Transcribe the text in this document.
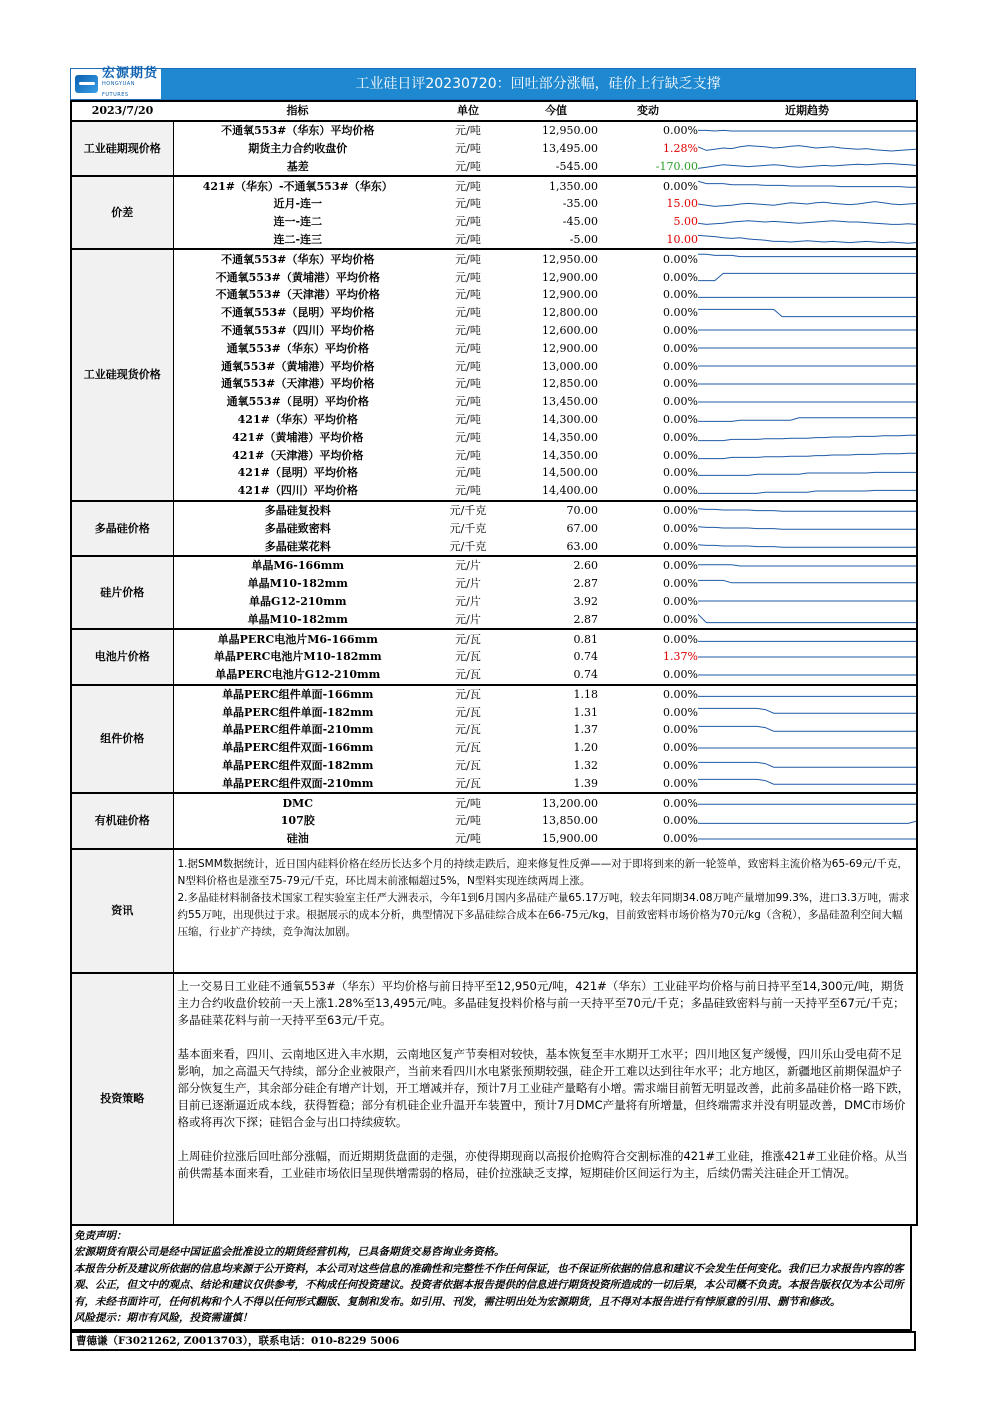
宏源期货
HONGYUAN FUTURES
工业硅日评20230720：回吐部分涨幅，硅价上行缺乏支撑
2023/7/20	指标	单位	今值	变动	近期趋势
工业硅期现价格	不通氧553#（华东）平均价格	元/吨	12,950.00	0.00%	

	期货主力合约收盘价	元/吨	13,495.00	1.28%	

	基差	元/吨	-545.00	-170.00	

价差	421#（华东）-不通氧553#（华东）	元/吨	1,350.00	0.00%	

	近月-连一	元/吨	-35.00	15.00	

	连一-连二	元/吨	-45.00	5.00	

	连二-连三	元/吨	-5.00	10.00	

工业硅现货价格	不通氧553#（华东）平均价格	元/吨	12,950.00	0.00%	

	不通氧553#（黄埔港）平均价格	元/吨	12,900.00	0.00%	

	不通氧553#（天津港）平均价格	元/吨	12,900.00	0.00%	

	不通氧553#（昆明）平均价格	元/吨	12,800.00	0.00%	

	不通氧553#（四川）平均价格	元/吨	12,600.00	0.00%	

	通氧553#（华东）平均价格	元/吨	12,900.00	0.00%	

	通氧553#（黄埔港）平均价格	元/吨	13,000.00	0.00%	

	通氧553#（天津港）平均价格	元/吨	12,850.00	0.00%	

	通氧553#（昆明）平均价格	元/吨	13,450.00	0.00%	

	421#（华东）平均价格	元/吨	14,300.00	0.00%	

	421#（黄埔港）平均价格	元/吨	14,350.00	0.00%	

	421#（天津港）平均价格	元/吨	14,350.00	0.00%	

	421#（昆明）平均价格	元/吨	14,500.00	0.00%	

	421#（四川）平均价格	元/吨	14,400.00	0.00%	

多晶硅价格	多晶硅复投料	元/千克	70.00	0.00%	

	多晶硅致密料	元/千克	67.00	0.00%	

	多晶硅菜花料	元/千克	63.00	0.00%	

硅片价格	单晶M6-166mm	元/片	2.60	0.00%	

	单晶M10-182mm	元/片	2.87	0.00%	

	单晶G12-210mm	元/片	3.92	0.00%	

	单晶M10-182mm	元/片	2.87	0.00%	

电池片价格	单晶PERC电池片M6-166mm	元/瓦	0.81	0.00%	

	单晶PERC电池片M10-182mm	元/瓦	0.74	1.37%	

	单晶PERC电池片G12-210mm	元/瓦	0.74	0.00%	

组件价格	单晶PERC组件单面-166mm	元/瓦	1.18	0.00%	

	单晶PERC组件单面-182mm	元/瓦	1.31	0.00%	

	单晶PERC组件单面-210mm	元/瓦	1.37	0.00%	

	单晶PERC组件双面-166mm	元/瓦	1.20	0.00%	

	单晶PERC组件双面-182mm	元/瓦	1.32	0.00%	

	单晶PERC组件双面-210mm	元/瓦	1.39	0.00%	

有机硅价格	DMC	元/吨	13,200.00	0.00%	

	107胶	元/吨	13,850.00	0.00%	

	硅油	元/吨	15,900.00	0.00%	

资讯	1.据SMM数据统计，近日国内硅料价格在经历长达多个月的持续走跌后，迎来修复性反弹——对于即将到来的新一轮签单，致密料主流价格为65-69元/千克，N型料价格也是涨至75-79元/千克，环比周末前涨幅超过5%，N型料实现连续两周上涨。
2.多晶硅材料制备技术国家工程实验室主任严大洲表示，今年1到6月国内多晶硅产量65.17万吨，较去年同期34.08万吨产量增加99.3%，进口3.3万吨，需求约55万吨，出现供过于求。根据展示的成本分析，典型情况下多晶硅综合成本在66-75元/kg，目前致密料市场价格为70元/kg（含税），多晶硅盈利空间大幅压缩，行业扩产持续，竞争淘汰加剧。				

投资策略	上一交易日工业硅不通氧553#（华东）平均价格与前日持平至12,950元/吨，421#（华东）工业硅平均价格与前日持平至14,300元/吨，期货主力合约收盘价较前一天上涨1.28%至13,495元/吨。多晶硅复投料价格与前一天持平至70元/千克；多晶硅致密料与前一天持平至67元/千克；多晶硅菜花料与前一天持平至63元/千克。

基本面来看，四川、云南地区进入丰水期，云南地区复产节奏相对较快，基本恢复至丰水期开工水平；四川地区复产缓慢，四川乐山受电荷不足影响，加之高温天气持续，部分企业被限产，当前来看四川水电紧张预期较强，硅企开工难以达到往年水平；北方地区，新疆地区前期保温炉子部分恢复生产，其余部分硅企有增产计划，开工增减并存，预计7月工业硅产量略有小增。需求端目前暂无明显改善，此前多晶硅价格一路下跌，目前已逐渐逼近成本线，获得暂稳；部分有机硅企业升温开车装置中，预计7月DMC产量将有所增量，但终端需求并没有明显改善，DMC市场价格或将再次下探；硅铝合金与出口持续疲软。

上周硅价拉涨后回吐部分涨幅，而近期期货盘面的走强，亦使得期现商以高报价抢购符合交割标准的421#工业硅，推涨421#工业硅价格。从当前供需基本面来看，工业硅市场依旧呈现供增需弱的格局，硅价拉涨缺乏支撑，短期硅价区间运行为主，后续仍需关注硅企开工情况。				

免责声明：
宏源期货有限公司是经中国证监会批准设立的期货经营机构，已具备期货交易咨询业务资格。
本报告分析及建议所依据的信息均来源于公开资料，本公司对这些信息的准确性和完整性不作任何保证，也不保证所依据的信息和建议不会发生任何变化。我们已力求报告内容的客观、公正，但文中的观点、结论和建议仅供参考，不构成任何投资建议。投资者依据本报告提供的信息进行期货投资所造成的一切后果，本公司概不负责。本报告版权仅为本公司所有，未经书面许可，任何机构和个人不得以任何形式翻版、复制和发布。如引用、刊发，需注明出处为宏源期货，且不得对本报告进行有悖原意的引用、删节和修改。
风险提示：期市有风险，投资需谨慎！
曹德谦（F3021262, Z0013703），联系电话：010-8229 5006
